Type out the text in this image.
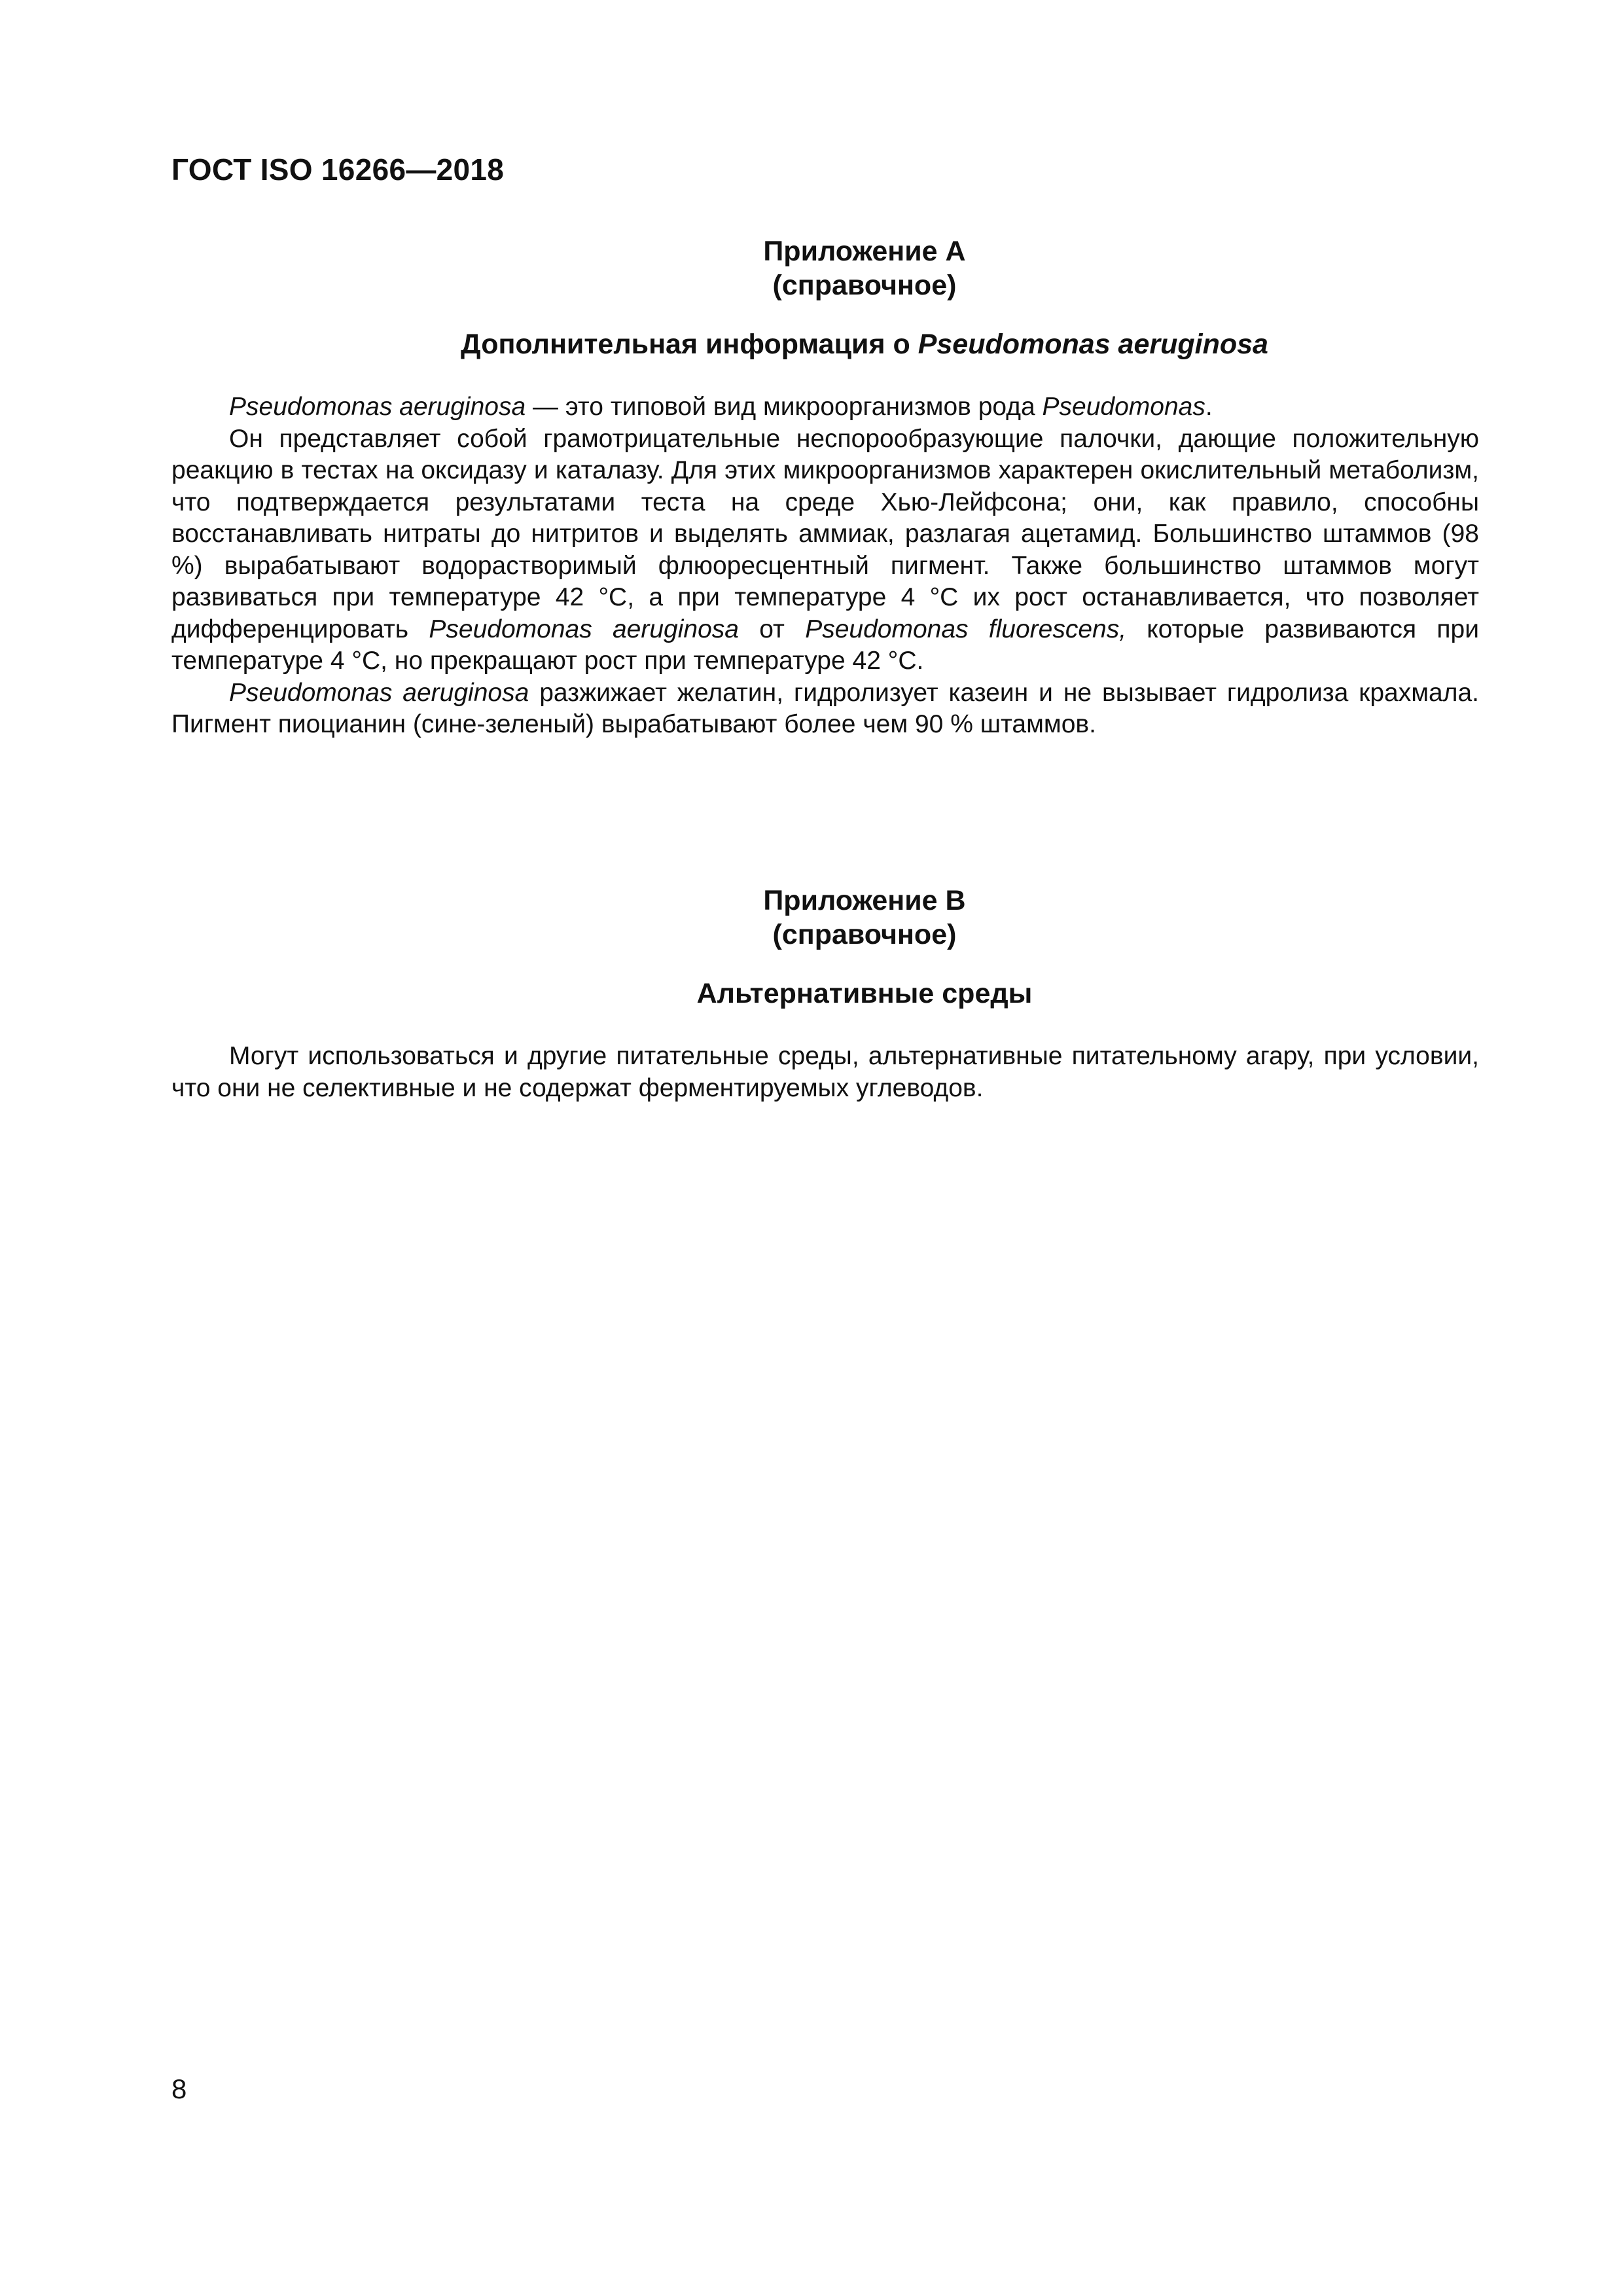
ГОСТ ISO 16266—2018
Приложение А
(справочное)
Дополнительная информация о Pseudomonas aeruginosa

Pseudomonas aeruginosa — это типовой вид микроорганизмов рода Pseudomonas.

Он представляет собой грамотрицательные неспорообразующие палочки, дающие положительную реакцию в тестах на оксидазу и каталазу. Для этих микроорганизмов характерен окислительный метаболизм, что подтверждается результатами теста на среде Хью-Лейфсона; они, как правило, способны восстанавливать нитраты до нитритов и выделять аммиак, разлагая ацетамид. Большинство штаммов (98 %) вырабатывают водорастворимый флюоресцентный пигмент. Также большинство штаммов могут развиваться при температуре 42 °С, а при температуре 4 °С их рост останавливается, что позволяет дифференцировать Pseudomonas aeruginosa от Pseudomonas fluorescens, которые развиваются при температуре 4 °С, но прекращают рост при температуре 42 °С.

Pseudomonas aeruginosa разжижает желатин, гидролизует казеин и не вызывает гидролиза крахмала. Пигмент пиоцианин (сине-зеленый) вырабатывают более чем 90 % штаммов.

Приложение В
(справочное)
Альтернативные среды

Могут использоваться и другие питательные среды, альтернативные питательному агару, при условии, что они не селективные и не содержат ферментируемых углеводов.

8
